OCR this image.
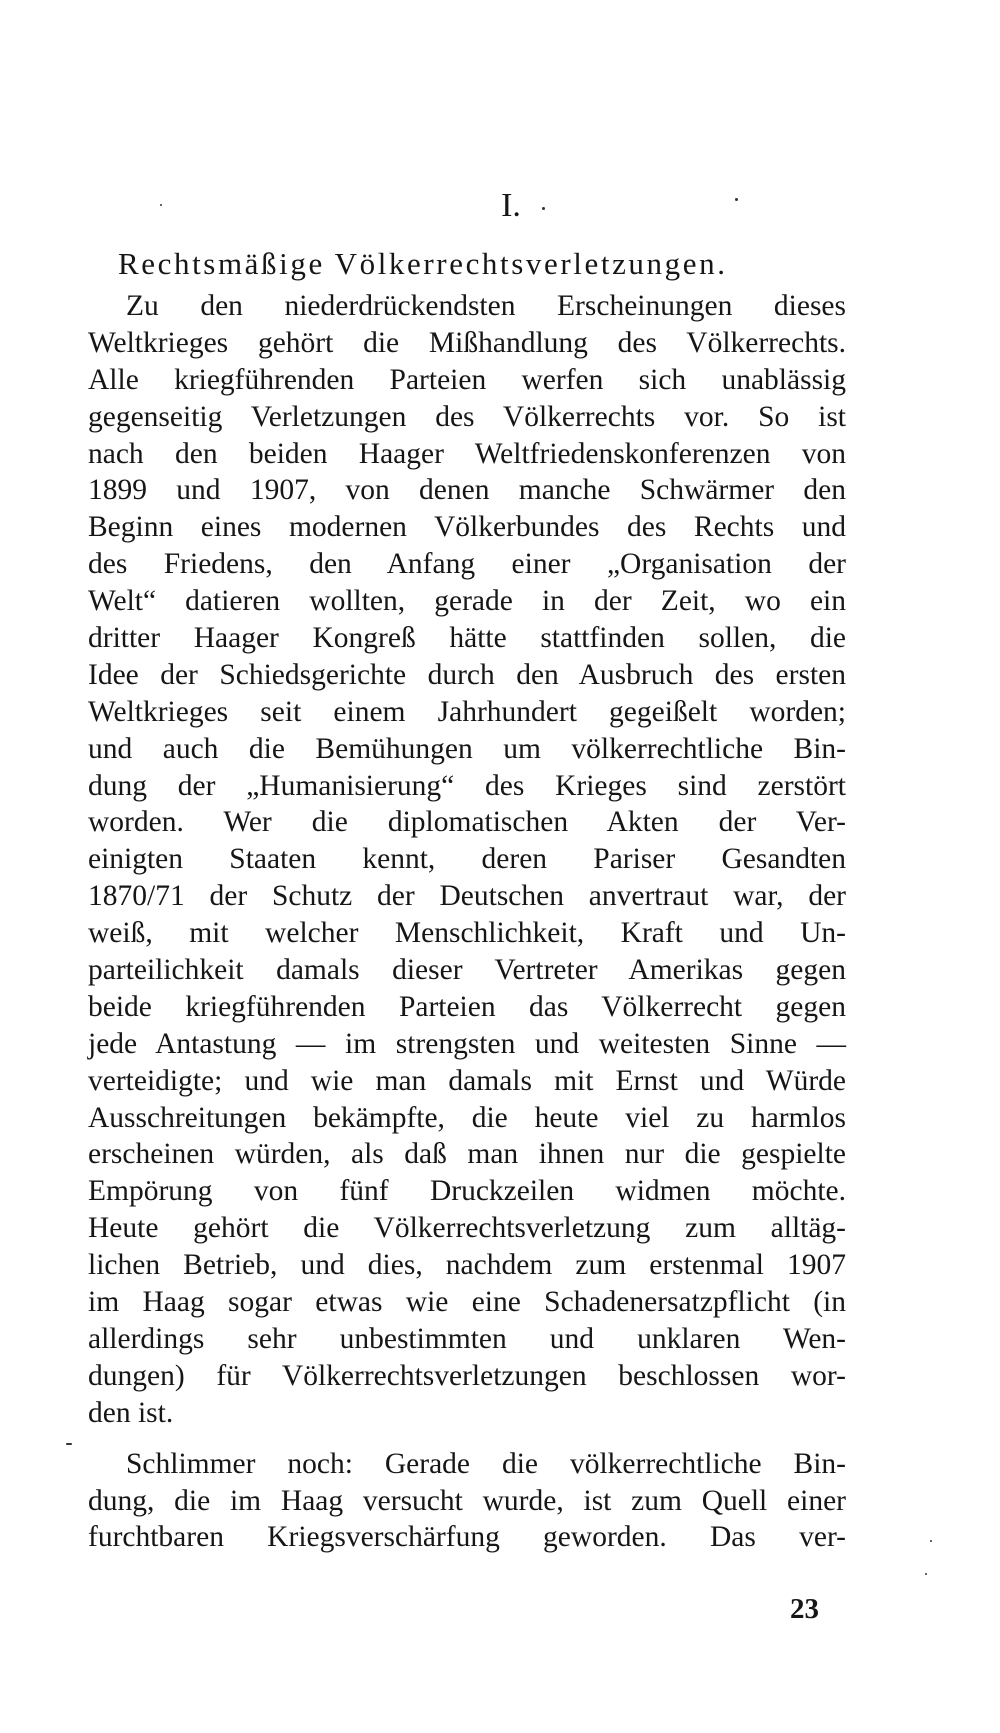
I.
Rechtsmäßige Völkerrechtsverletzungen.

Zu den niederdrückendsten Erscheinungen dieses
Weltkrieges gehört die Mißhandlung des Völkerrechts.
Alle kriegführenden Parteien werfen sich unablässig
gegenseitig Verletzungen des Völkerrechts vor. So ist
nach den beiden Haager Weltfriedenskonferenzen von
1899 und 1907, von denen manche Schwärmer den
Beginn eines modernen Völkerbundes des Rechts und
des Friedens, den Anfang einer „Organisation der
Welt“ datieren wollten, gerade in der Zeit, wo ein
dritter Haager Kongreß hätte stattfinden sollen, die
Idee der Schiedsgerichte durch den Ausbruch des ersten
Weltkrieges seit einem Jahrhundert gegeißelt worden;
und auch die Bemühungen um völkerrechtliche Bin-
dung der „Humanisierung“ des Krieges sind zerstört
worden. Wer die diplomatischen Akten der Ver-
einigten Staaten kennt, deren Pariser Gesandten
1870/71 der Schutz der Deutschen anvertraut war, der
weiß, mit welcher Menschlichkeit, Kraft und Un-
parteilichkeit damals dieser Vertreter Amerikas gegen
beide kriegführenden Parteien das Völkerrecht gegen
jede Antastung — im strengsten und weitesten Sinne —
verteidigte; und wie man damals mit Ernst und Würde
Ausschreitungen bekämpfte, die heute viel zu harmlos
erscheinen würden, als daß man ihnen nur die gespielte
Empörung von fünf Druckzeilen widmen möchte.
Heute gehört die Völkerrechtsverletzung zum alltäg-
lichen Betrieb, und dies, nachdem zum erstenmal 1907
im Haag sogar etwas wie eine Schadenersatzpflicht (in
allerdings sehr unbestimmten und unklaren Wen-
dungen) für Völkerrechtsverletzungen beschlossen wor-
den ist.

Schlimmer noch: Gerade die völkerrechtliche Bin-
dung, die im Haag versucht wurde, ist zum Quell einer
furchtbaren Kriegsverschärfung geworden. Das ver-

23
